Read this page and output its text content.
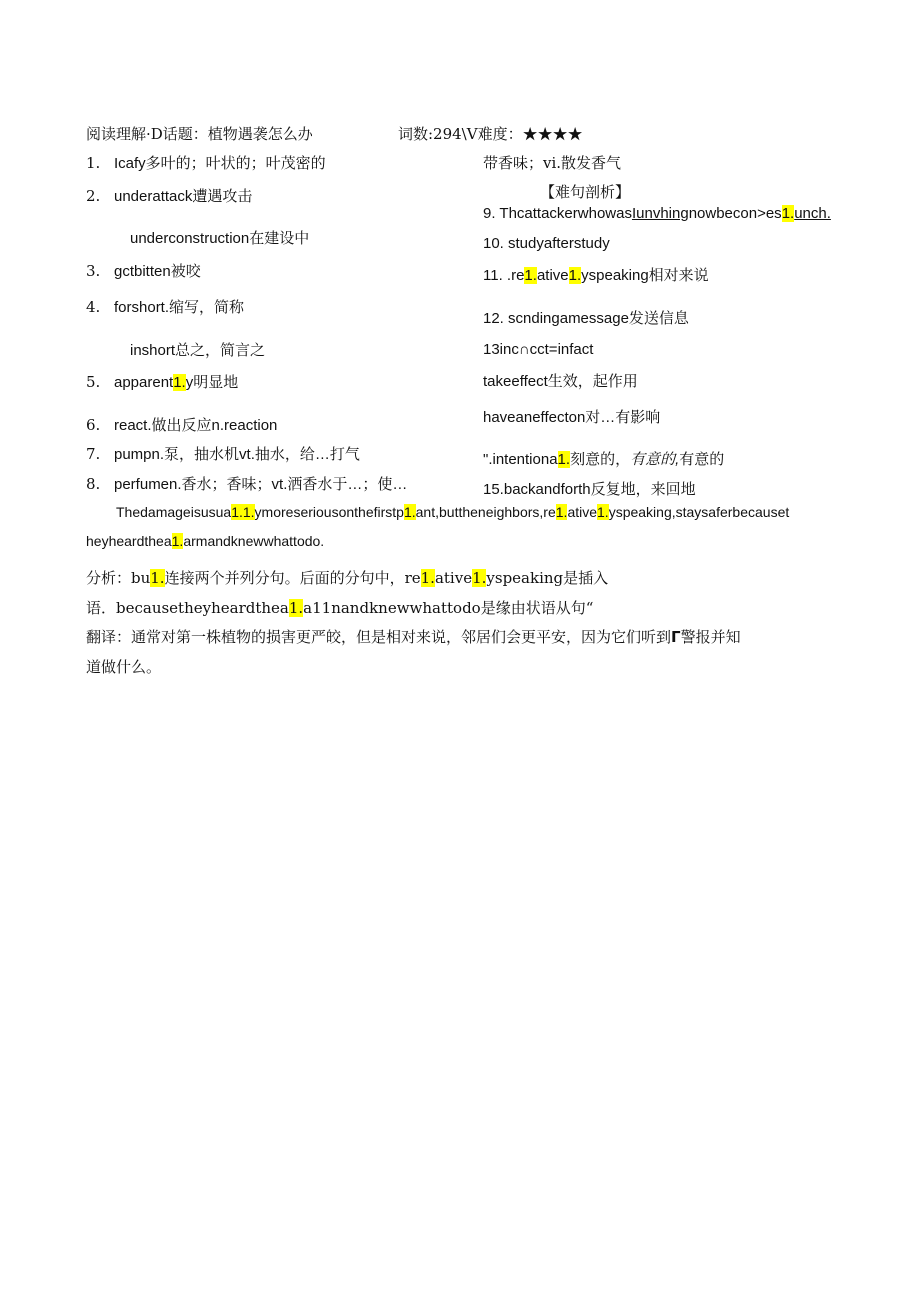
阅读理解·D话题：植物遇袭怎么办	词数:294\V难度：★★★★
1. Icafy多叶的；叶状的；叶茂密的
2. underattack遭遇攻击
underconstruction在建设中
3. gctbitten被咬
4. forshort.缩写，简称
inshort总之，简言之
5. apparent1.y明显地
6. react.做出反应n.reaction
7. pumpn.泵，抽水机vt.抽水，给…打气
8. perfumen.香水；香味；vt.洒香水于…；使…
带香味；vi.散发香气
【难句剖析】
9. ThcattackerwhowasIunvhingnowbecon>es1.unch.
10. studyafterstudy
11. .re1.ative1.yspeaking相对来说
12. scndingamessage发送信息
13inc∩cct=infact
takeeffect生效，起作用
haveaneffecton对…有影响
".intentiona1.刻意的，有意的,有意的
15.backandforth反复地，来回地
Thedamageisusua1.1.ymoreseriousonthefirstp1.ant,buttheneighbors,re1.ative1.yspeaking,staysaferbecauset
heyheardthea1.armandknewwhattodo.
分析：bu1.连接两个并列分句。后面的分句中，re1.ative1.yspeaking是插入
语．becausetheyheardthea1.a11nandknewwhattodo是缘由状语从句“
翻译：通常对第一株植物的损害更严皎，但是相对来说，邻居们会更平安，因为它们听到Γ警报并知
道做什么。
